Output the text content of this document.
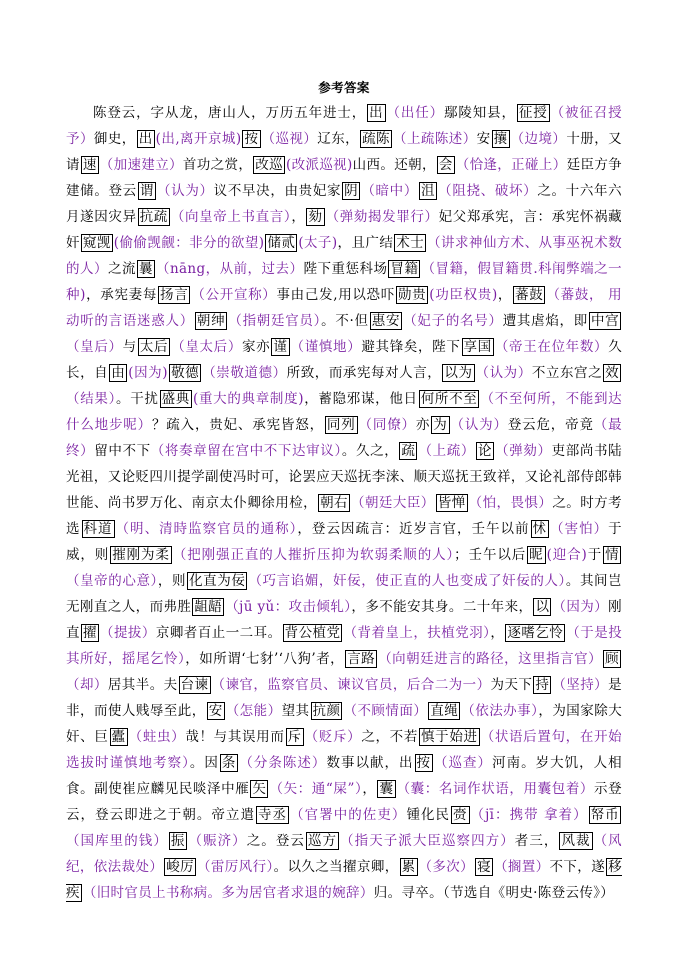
参考答案

陈登云，字从龙，唐山人，万历五年进士， 出 （出任）鄢陵知县， 征授 （被征召授予）御史， 出 (出,离开京城) 按 （巡视）辽东， 疏陈 （上疏陈述）安 攘 （边境）十册，又请 速 （加速建立）首功之赏， 改巡 (改派巡视)山西。还朝， 会 （恰逢，正碰上）廷臣方争建储。登云 谓 （认为）议不早决，由贵妃家 阴 （暗中） 沮 （阻挠、破坏）之。十六年六月遂因灾异 抗疏 （向皇帝上书直言）， 劾 （弹劾揭发罪行）妃父郑承宪，言：承宪怀祸藏奸 窥觊 (偷偷觊觎：非分的欲望) 储贰 (太子)，且广结 术士 （讲求神仙方术、从事巫祝术数的人）之流 曩 （nāng，从前，过去）陛下重惩科场 冒籍 （冒籍，假冒籍贯.科闱弊端之一种)，承宪妻每 扬言 （公开宣称）事由己发,用以恐吓 勋贵 (功臣权贵)， 蕃鼓 （蕃鼓， 用动听的言语迷惑人） 朝绅 （指朝廷官员）。不·但 惠安 （妃子的名号）遭其虐焰，即 中宫（皇后）与 太后 （皇太后）家亦 谨 （谨慎地）避其锋矣，陛下 享国 （帝王在位年数）久长，自 由 (因为) 敬德 （崇敬道德）所致，而承宪每对人言， 以为 （认为）不立东宫之 效（结果）。干扰 盛典 (重大的典章制度)，蓄隐邪谋，他日 何所不至 （不至何所，不能到达什么地步呢）？疏入，贵妃、承宪皆怒， 同列 （同僚）亦 为 （认为）登云危，帝竟（最终）留中不下（将奏章留在宫中不下达审议）。久之， 疏 （上疏） 论 （弹劾）吏部尚书陆光祖，又论贬四川提学副使冯时可，论罢应天巡抚李涞、顺天巡抚王致祥，又论礼部侍郎韩世能、尚书罗万化、南京太仆卿徐用检， 朝右 （朝廷大臣） 皆惮 （怕，畏惧）之。时方考选 科道 （明、清時监察官员的通称），登云因疏言：近岁言官，壬午以前 怵 （害怕）于威，则 摧刚为柔 （把刚强正直的人摧折压抑为软弱柔顺的人）；壬午以后 昵 (迎合)于 情（皇帝的心意），则 化直为佞 （巧言谄媚，奸佞，使正直的人也变成了奸佞的人）。其间岂无刚直之人，而弗胜 龃龉 （jū yǔ：攻击倾轧），多不能安其身。二十年来， 以 （因为）刚直 擢 （提拔）京卿者百止一二耳。 背公植党 （背着皇上，扶植党羽）， 逐嗜乞怜 （于是投其所好，摇尾乞怜），如所谓‘七豺’‘八狗’者， 言路 （向朝廷进言的路径，这里指言官） 顾（却）居其半。夫 台谏 （谏官，监察官员、谏议官员，后合二为一）为天下 持 （坚持）是非，而使人贱辱至此， 安 （怎能）望其 抗颜 （不顾情面） 直绳 （依法办事），为国家除大奸、巨 蠹 （蛀虫）哉！与其误用而 斥 （贬斥）之，不若 慎于始进 （状语后置句，在开始选拔时谨慎地考察）。因 条 （分条陈述）数事以献，出 按 （巡查）河南。岁大饥，人相食。副使崔应麟见民啖泽中雁 矢 （矢：通“屎”）， 囊 （囊：名词作状语，用囊包着）示登云，登云即进之于朝。帝立遣 寺丞 （官署中的佐吏）锺化民 赍 （jī：携带 拿着） 帑币（国库里的钱） 振 （赈济）之。登云 巡方 （指天子派大臣巡察四方）者三， 风裁 （风纪，依法裁处） 峻厉 （雷厉风行）。以久之当擢京卿， 累 （多次） 寝 （搁置）不下，遂 移疾 （旧时官员上书称病。多为居官者求退的婉辞）归。寻卒。（节选自《明史·陈登云传》）
